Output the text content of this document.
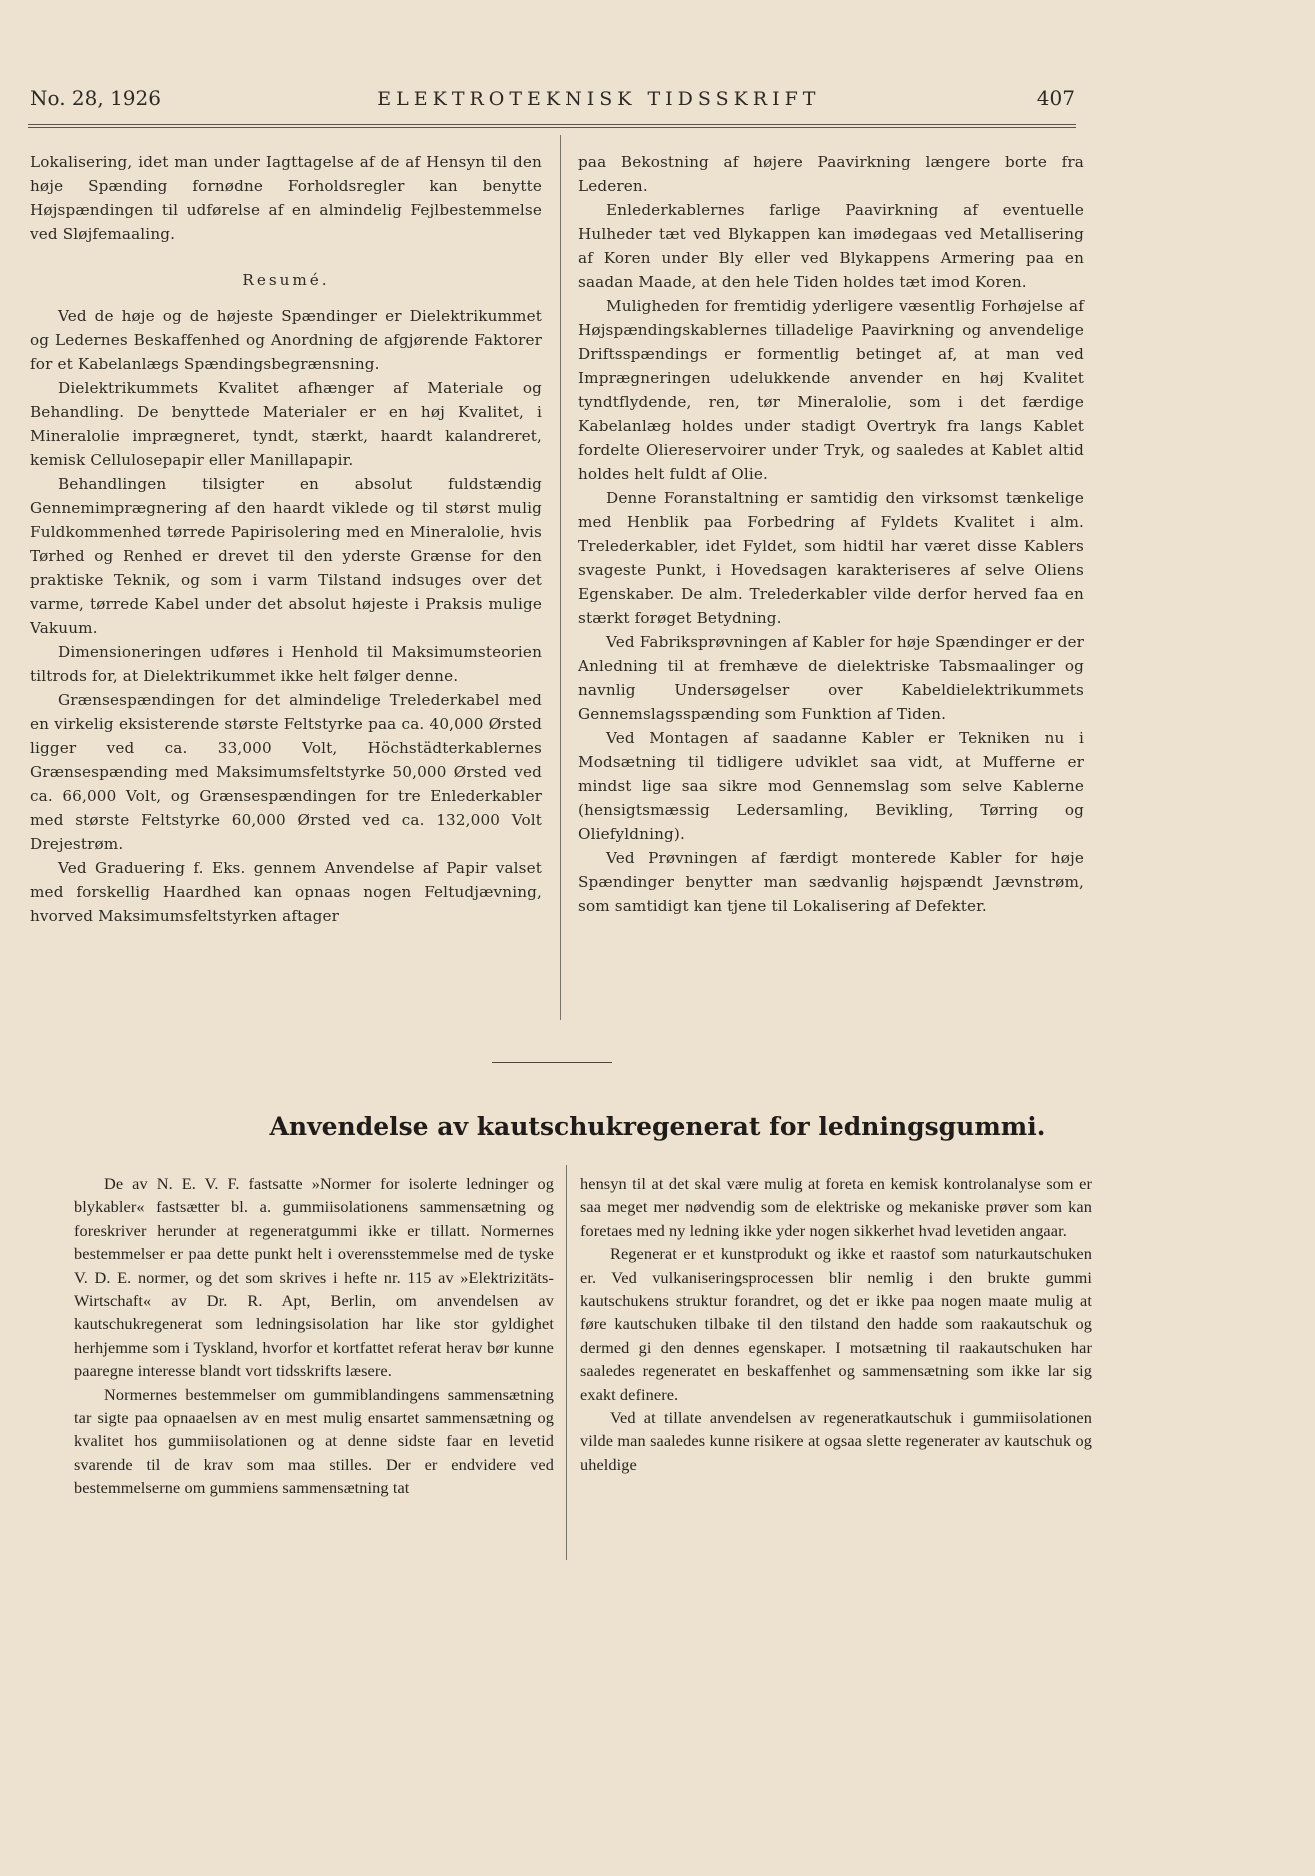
No. 28, 1926	ELEKTROTEKNISK TIDSSKRIFT	407

Lokalisering, idet man under Iagttagelse af de af Hensyn til den høje Spænding fornødne Forholdsregler kan benytte Højspændingen til udførelse af en almindelig Fejlbestemmelse ved Sløjfemaaling.

Resumé.

Ved de høje og de højeste Spændinger er Dielektrikummet og Ledernes Beskaffenhed og Anordning de afgjørende Faktorer for et Kabelanlægs Spændingsbegrænsning.

Dielektrikummets Kvalitet afhænger af Materiale og Behandling. De benyttede Materialer er en høj Kvalitet, i Mineralolie imprægneret, tyndt, stærkt, haardt kalandreret, kemisk Cellulosepapir eller Manillapapir.

Behandlingen tilsigter en absolut fuldstændig Gennemimprægnering af den haardt viklede og til størst mulig Fuldkommenhed tørrede Papirisolering med en Mineralolie, hvis Tørhed og Renhed er drevet til den yderste Grænse for den praktiske Teknik, og som i varm Tilstand indsuges over det varme, tørrede Kabel under det absolut højeste i Praksis mulige Vakuum.

Dimensioneringen udføres i Henhold til Maksimumsteorien tiltrods for, at Dielektrikummet ikke helt følger denne.

Grænsespændingen for det almindelige Trelederkabel med en virkelig eksisterende største Feltstyrke paa ca. 40,000 Ørsted ligger ved ca. 33,000 Volt, Höchstädterkablernes Grænsespænding med Maksimumsfeltstyrke 50,000 Ørsted ved ca. 66,000 Volt, og Grænsespændingen for tre Enlederkabler med største Feltstyrke 60,000 Ørsted ved ca. 132,000 Volt Drejestrøm.

Ved Graduering f. Eks. gennem Anvendelse af Papir valset med forskellig Haardhed kan opnaas nogen Feltudjævning, hvorved Maksimumsfeltstyrken aftager

paa Bekostning af højere Paavirkning længere borte fra Lederen.

Enlederkablernes farlige Paavirkning af eventuelle Hulheder tæt ved Blykappen kan imødegaas ved Metallisering af Koren under Bly eller ved Blykappens Armering paa en saadan Maade, at den hele Tiden holdes tæt imod Koren.

Muligheden for fremtidig yderligere væsentlig Forhøjelse af Højspændingskablernes tilladelige Paavirkning og anvendelige Driftsspændings er formentlig betinget af, at man ved Imprægneringen udelukkende anvender en høj Kvalitet tyndtflydende, ren, tør Mineralolie, som i det færdige Kabelanlæg holdes under stadigt Overtryk fra langs Kablet fordelte Oliereservoirer under Tryk, og saaledes at Kablet altid holdes helt fuldt af Olie.

Denne Foranstaltning er samtidig den virksomst tænkelige med Henblik paa Forbedring af Fyldets Kvalitet i alm. Trelederkabler, idet Fyldet, som hidtil har været disse Kablers svageste Punkt, i Hovedsagen karakteriseres af selve Oliens Egenskaber. De alm. Trelederkabler vilde derfor herved faa en stærkt forøget Betydning.

Ved Fabriksprøvningen af Kabler for høje Spændinger er der Anledning til at fremhæve de dielektriske Tabsmaalinger og navnlig Undersøgelser over Kabeldielektrikummets Gennemslagsspænding som Funktion af Tiden.

Ved Montagen af saadanne Kabler er Tekniken nu i Modsætning til tidligere udviklet saa vidt, at Mufferne er mindst lige saa sikre mod Gennemslag som selve Kablerne (hensigtsmæssig Ledersamling, Bevikling, Tørring og Oliefyldning).

Ved Prøvningen af færdigt monterede Kabler for høje Spændinger benytter man sædvanlig højspændt Jævnstrøm, som samtidigt kan tjene til Lokalisering af Defekter.

Anvendelse av kautschukregenerat for ledningsgummi.

De av N. E. V. F. fastsatte »Normer for isolerte ledninger og blykabler« fastsætter bl. a. gummiisolationens sammensætning og foreskriver herunder at regeneratgummi ikke er tillatt. Normernes bestemmelser er paa dette punkt helt i overensstemmelse med de tyske V. D. E. normer, og det som skrives i hefte nr. 115 av »Elektrizitäts-Wirtschaft« av Dr. R. Apt, Berlin, om anvendelsen av kautschukregenerat som ledningsisolation har like stor gyldighet herhjemme som i Tyskland, hvorfor et kortfattet referat herav bør kunne paaregne interesse blandt vort tidsskrifts læsere.

Normernes bestemmelser om gummiblandingens sammensætning tar sigte paa opnaaelsen av en mest mulig ensartet sammensætning og kvalitet hos gummiisolationen og at denne sidste faar en levetid svarende til de krav som maa stilles. Der er endvidere ved bestemmelserne om gummiens sammensætning tat

hensyn til at det skal være mulig at foreta en kemisk kontrolanalyse som er saa meget mer nødvendig som de elektriske og mekaniske prøver som kan foretaes med ny ledning ikke yder nogen sikkerhet hvad levetiden angaar.

Regenerat er et kunstprodukt og ikke et raastof som naturkautschuken er. Ved vulkaniseringsprocessen blir nemlig i den brukte gummi kautschukens struktur forandret, og det er ikke paa nogen maate mulig at føre kautschuken tilbake til den tilstand den hadde som raakautschuk og dermed gi den dennes egenskaper. I motsætning til raakautschuken har saaledes regeneratet en beskaffenhet og sammensætning som ikke lar sig exakt definere.

Ved at tillate anvendelsen av regeneratkautschuk i gummiisolationen vilde man saaledes kunne risikere at ogsaa slette regenerater av kautschuk og uheldige
